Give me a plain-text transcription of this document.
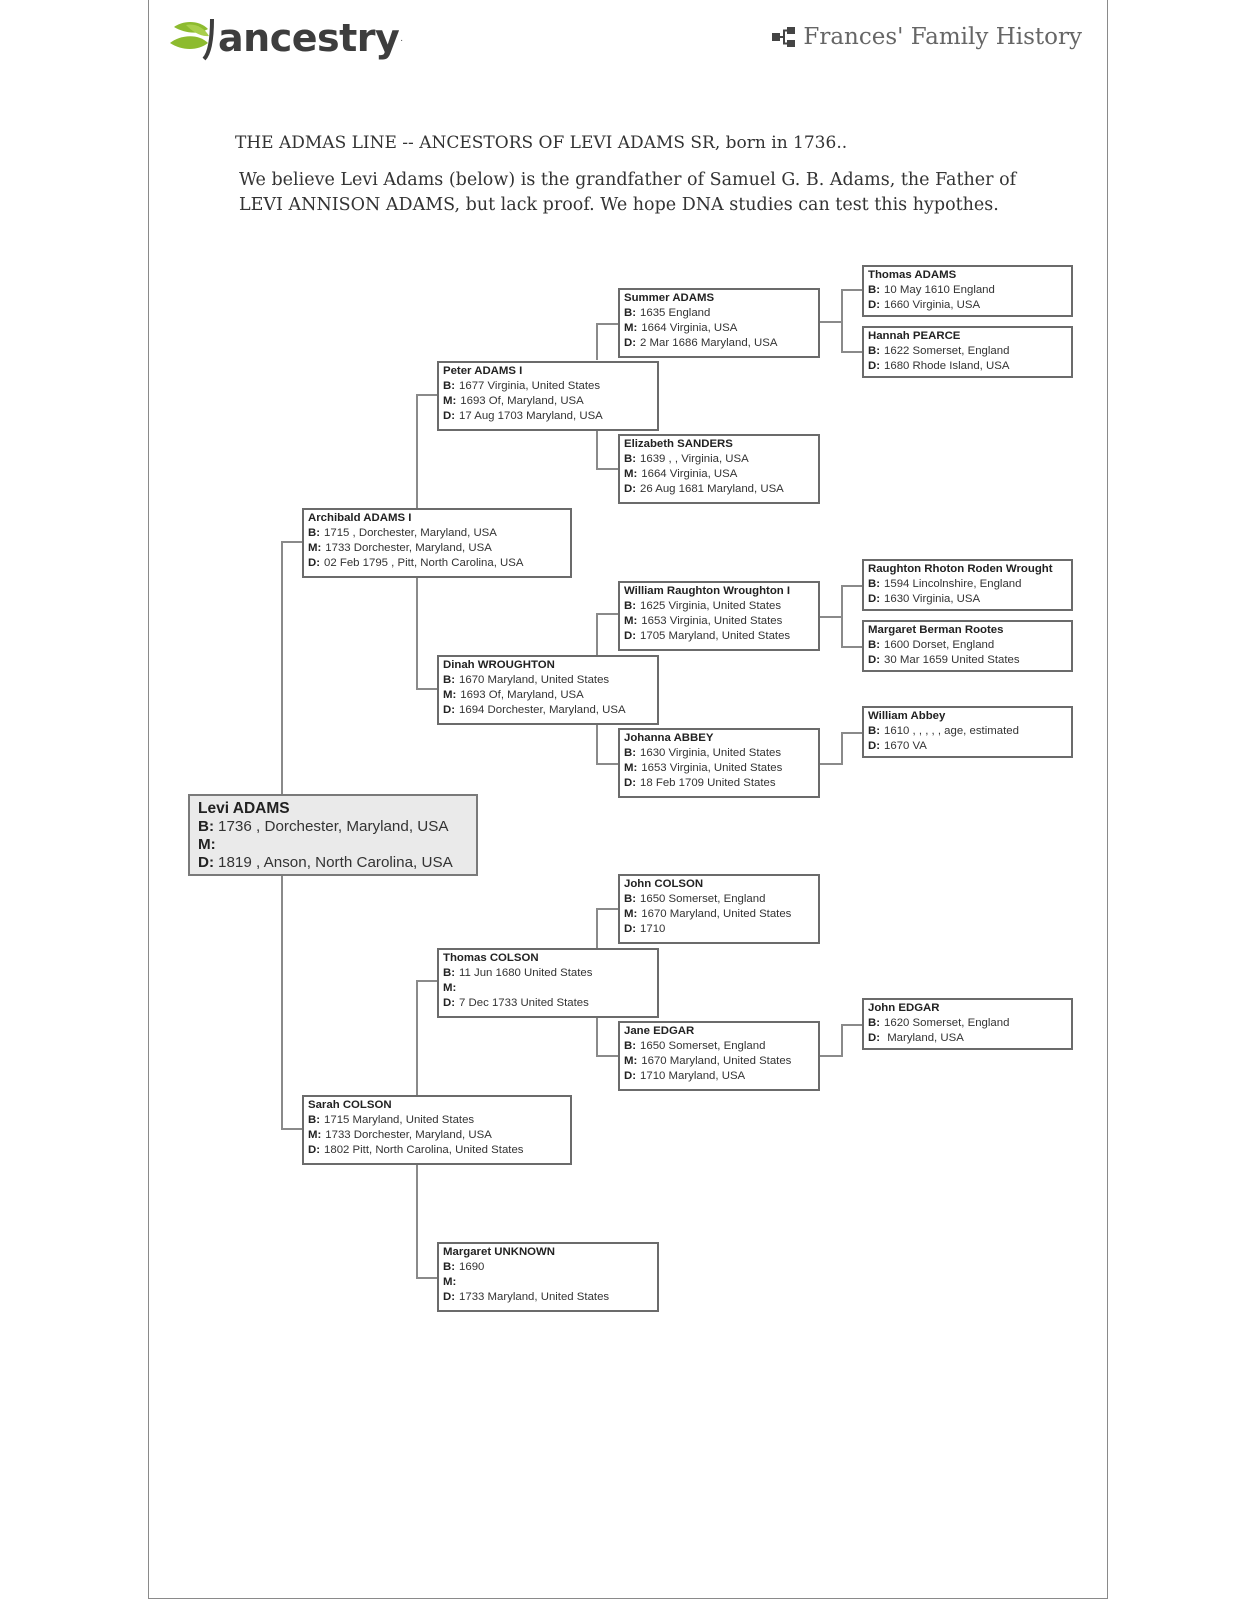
ancestry .	Frances' Family History
THE ADMAS LINE -- ANCESTORS OF LEVI ADAMS SR, born in 1736..
We believe Levi Adams (below) is the grandfather of Samuel G. B. Adams, the Father of
LEVI ANNISON ADAMS, but lack proof. We hope DNA studies can test this hypothes.
Levi ADAMS
B: 1736 , Dorchester, Maryland, USA
M:
D: 1819 , Anson, North Carolina, USA
Archibald ADAMS I
B: 1715 , Dorchester, Maryland, USA
M: 1733 Dorchester, Maryland, USA
D: 02 Feb 1795 , Pitt, North Carolina, USA
Sarah COLSON
B: 1715 Maryland, United States
M: 1733 Dorchester, Maryland, USA
D: 1802 Pitt, North Carolina, United States
Peter ADAMS I
B: 1677 Virginia, United States
M: 1693 Of, Maryland, USA
D: 17 Aug 1703 Maryland, USA
Dinah WROUGHTON
B: 1670 Maryland, United States
M: 1693 Of, Maryland, USA
D: 1694 Dorchester, Maryland, USA
Thomas COLSON
B: 11 Jun 1680 United States
M:
D: 7 Dec 1733 United States
Margaret UNKNOWN
B: 1690
M:
D: 1733 Maryland, United States
Summer ADAMS
B: 1635 England
M: 1664 Virginia, USA
D: 2 Mar 1686 Maryland, USA
Elizabeth SANDERS
B: 1639 , , Virginia, USA
M: 1664 Virginia, USA
D: 26 Aug 1681 Maryland, USA
William Raughton Wroughton I
B: 1625 Virginia, United States
M: 1653 Virginia, United States
D: 1705 Maryland, United States
Johanna ABBEY
B: 1630 Virginia, United States
M: 1653 Virginia, United States
D: 18 Feb 1709 United States
John COLSON
B: 1650 Somerset, England
M: 1670 Maryland, United States
D: 1710
Jane EDGAR
B: 1650 Somerset, England
M: 1670 Maryland, United States
D: 1710 Maryland, USA
Thomas ADAMS
B: 10 May 1610 England
D: 1660 Virginia, USA
Hannah PEARCE
B: 1622 Somerset, England
D: 1680 Rhode Island, USA
Raughton Rhoton Roden Wrought
B: 1594 Lincolnshire, England
D: 1630 Virginia, USA
Margaret Berman Rootes
B: 1600 Dorset, England
D: 30 Mar 1659 United States
William Abbey
B: 1610 , , , , , age, estimated
D: 1670 VA
John EDGAR
B: 1620 Somerset, England
D: Maryland, USA
